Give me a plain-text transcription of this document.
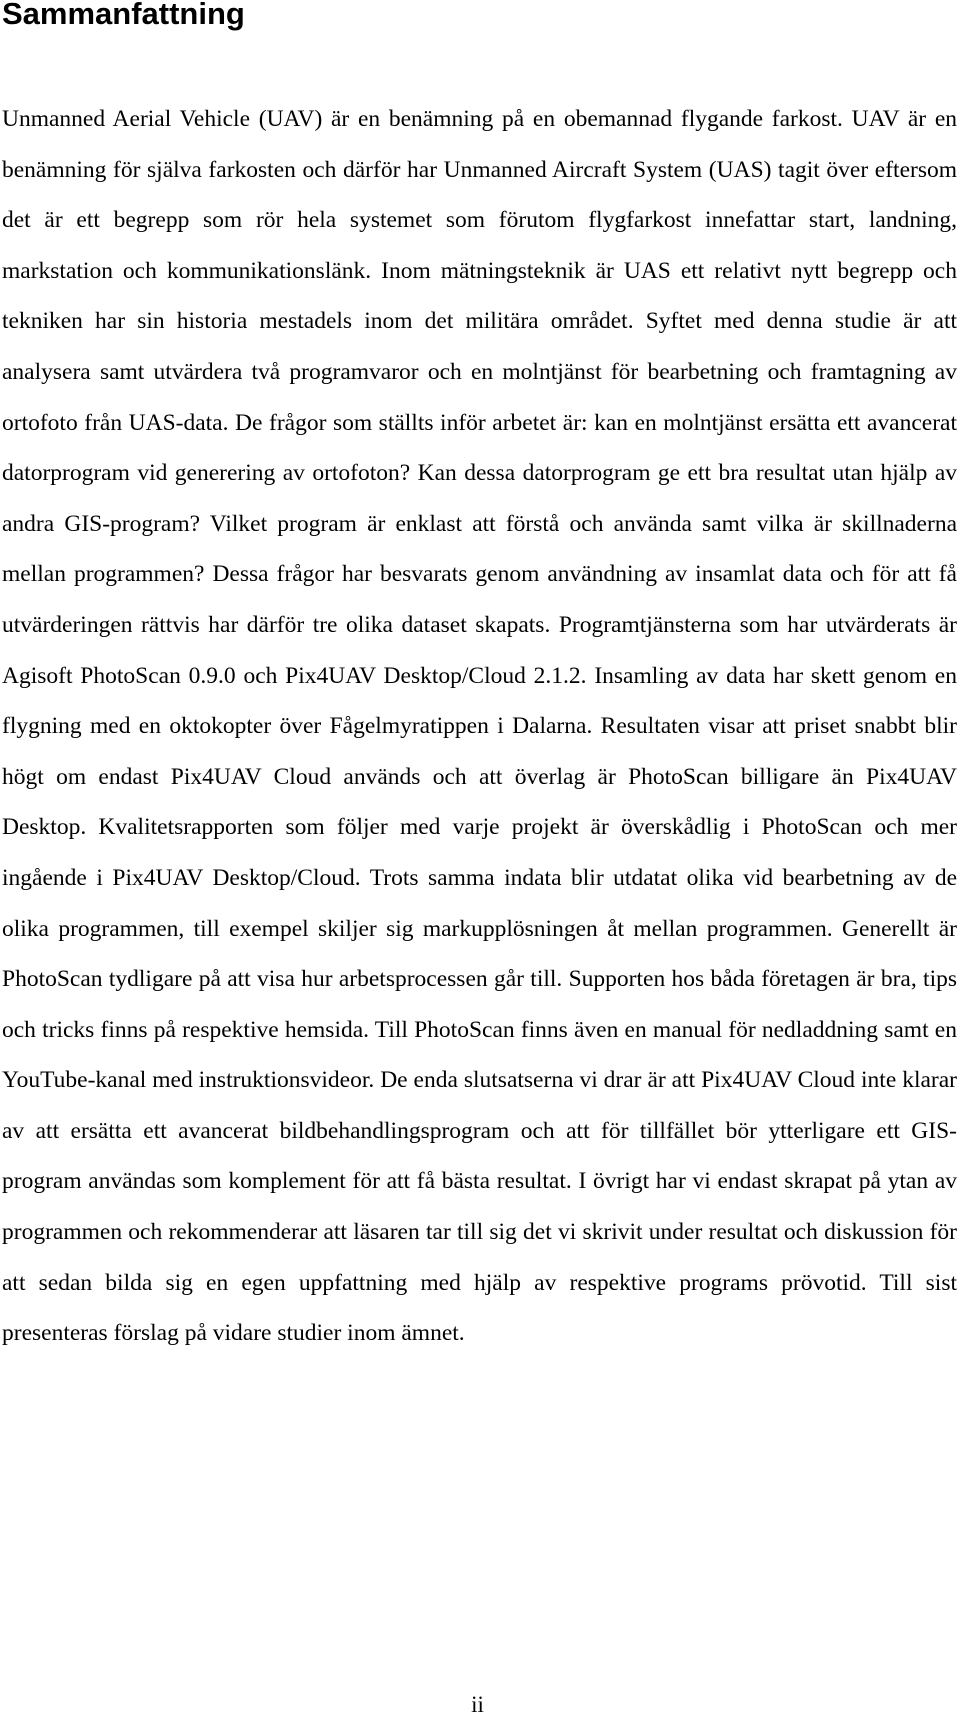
Sammanfattning

Unmanned Aerial Vehicle (UAV) är en benämning på en obemannad flygande farkost. UAV är en benämning för själva farkosten och därför har Unmanned Aircraft System (UAS) tagit över eftersom det är ett begrepp som rör hela systemet som förutom flygfarkost innefattar start, landning, markstation och kommunikationslänk. Inom mätningsteknik är UAS ett relativt nytt begrepp och tekniken har sin historia mestadels inom det militära området. Syftet med denna studie är att analysera samt utvärdera två programvaror och en molntjänst för bearbetning och framtagning av ortofoto från UAS-data. De frågor som ställts inför arbetet är: kan en molntjänst ersätta ett avancerat datorprogram vid generering av ortofoton? Kan dessa datorprogram ge ett bra resultat utan hjälp av andra GIS-program? Vilket program är enklast att förstå och använda samt vilka är skillnaderna mellan programmen? Dessa frågor har besvarats genom användning av insamlat data och för att få utvärderingen rättvis har därför tre olika dataset skapats. Programtjänsterna som har utvärderats är Agisoft PhotoScan 0.9.0 och Pix4UAV Desktop/Cloud 2.1.2. Insamling av data har skett genom en flygning med en oktokopter över Fågelmyratippen i Dalarna. Resultaten visar att priset snabbt blir högt om endast Pix4UAV Cloud används och att överlag är PhotoScan billigare än Pix4UAV Desktop. Kvalitetsrapporten som följer med varje projekt är överskådlig i PhotoScan och mer ingående i Pix4UAV Desktop/Cloud. Trots samma indata blir utdatat olika vid bearbetning av de olika programmen, till exempel skiljer sig markupplösningen åt mellan programmen. Generellt är PhotoScan tydligare på att visa hur arbetsprocessen går till. Supporten hos båda företagen är bra, tips och tricks finns på respektive hemsida. Till PhotoScan finns även en manual för nedladdning samt en YouTube-kanal med instruktionsvideor. De enda slutsatserna vi drar är att Pix4UAV Cloud inte klarar av att ersätta ett avancerat bildbehandlingsprogram och att för tillfället bör ytterligare ett GIS-program användas som komplement för att få bästa resultat. I övrigt har vi endast skrapat på ytan av programmen och rekommenderar att läsaren tar till sig det vi skrivit under resultat och diskussion för att sedan bilda sig en egen uppfattning med hjälp av respektive programs prövotid. Till sist presenteras förslag på vidare studier inom ämnet.

ii
